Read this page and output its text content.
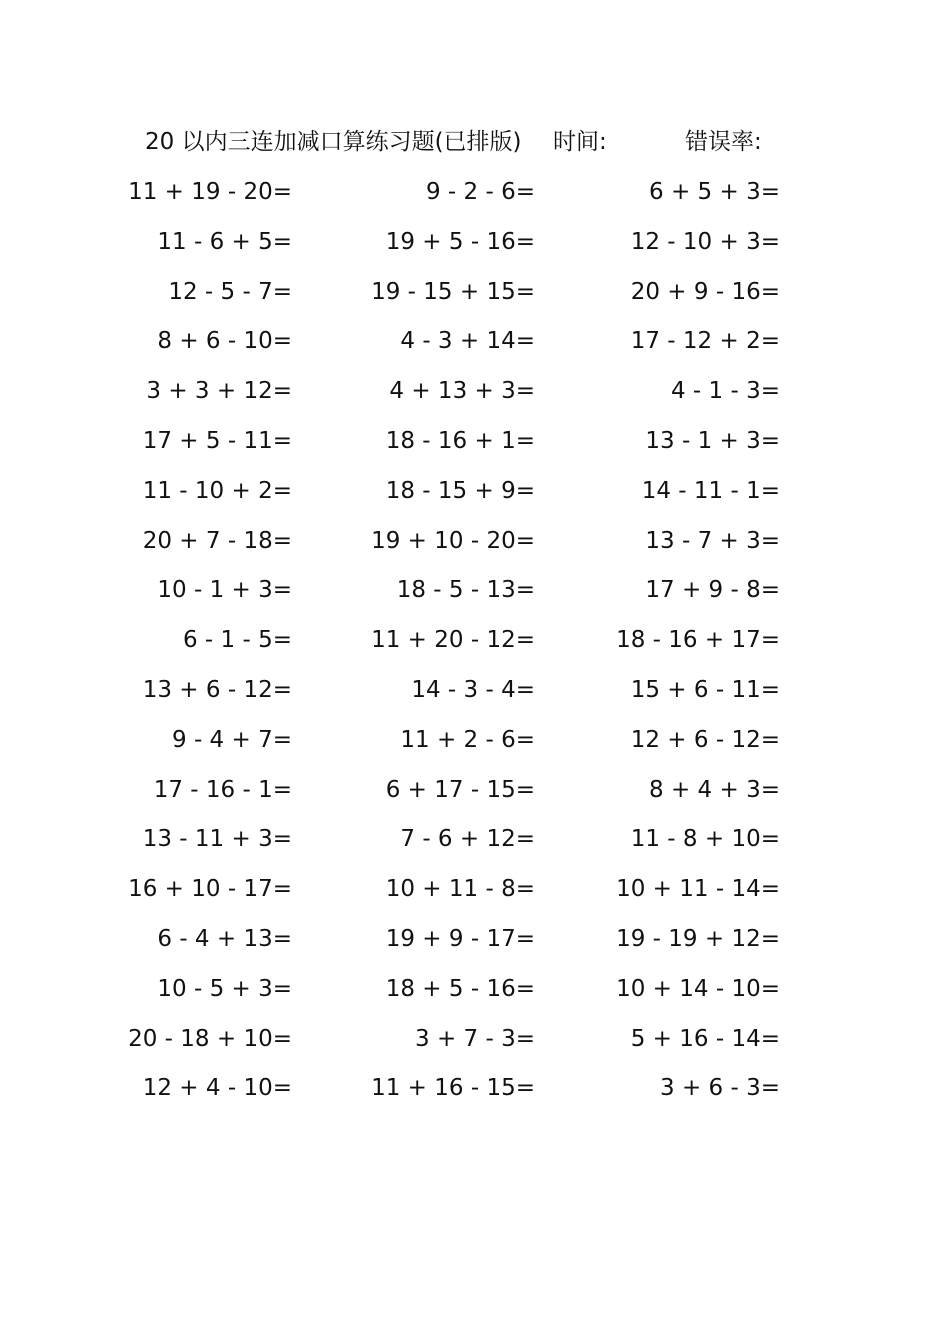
20 以内三连加减口算练习题(已排版) 时间:	错误率:
11 + 19 - 20=
11 - 6 + 5=
12 - 5 - 7=
8 + 6 - 10=
3 + 3 + 12=
17 + 5 - 11=
11 - 10 + 2=
20 + 7 - 18=
10 - 1 + 3=
6 - 1 - 5=
13 + 6 - 12=
9 - 4 + 7=
17 - 16 - 1=
13 - 11 + 3=
16 + 10 - 17=
6 - 4 + 13=
10 - 5 + 3=
20 - 18 + 10=
12 + 4 - 10=
9 - 2 - 6=
19 + 5 - 16=
19 - 15 + 15=
4 - 3 + 14=
4 + 13 + 3=
18 - 16 + 1=
18 - 15 + 9=
19 + 10 - 20=
18 - 5 - 13=
11 + 20 - 12=
14 - 3 - 4=
11 + 2 - 6=
6 + 17 - 15=
7 - 6 + 12=
10 + 11 - 8=
19 + 9 - 17=
18 + 5 - 16=
3 + 7 - 3=
11 + 16 - 15=
6 + 5 + 3=
12 - 10 + 3=
20 + 9 - 16=
17 - 12 + 2=
4 - 1 - 3=
13 - 1 + 3=
14 - 11 - 1=
13 - 7 + 3=
17 + 9 - 8=
18 - 16 + 17=
15 + 6 - 11=
12 + 6 - 12=
8 + 4 + 3=
11 - 8 + 10=
10 + 11 - 14=
19 - 19 + 12=
10 + 14 - 10=
5 + 16 - 14=
3 + 6 - 3=
